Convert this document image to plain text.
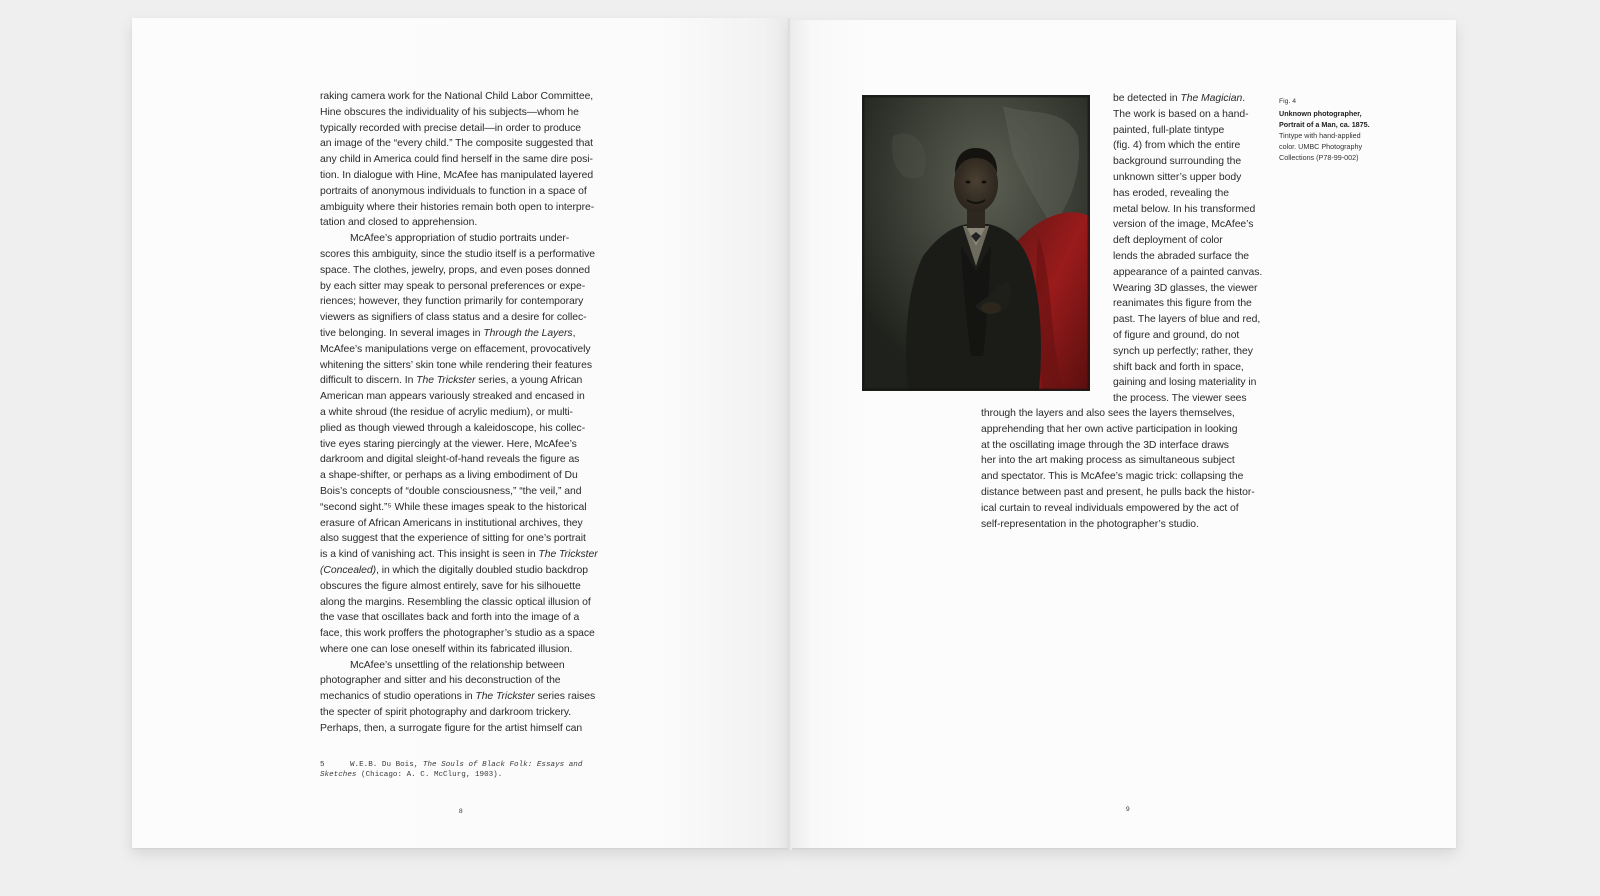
raking camera work for the National Child Labor Committee,
Hine obscures the individuality of his subjects—whom he
typically recorded with precise detail—in order to produce
an image of the “every child.” The composite suggested that
any child in America could find herself in the same dire posi-
tion. In dialogue with Hine, McAfee has manipulated layered
portraits of anonymous individuals to function in a space of
ambiguity where their histories remain both open to interpre-
tation and closed to apprehension.
McAfee’s appropriation of studio portraits under-
scores this ambiguity, since the studio itself is a performative
space. The clothes, jewelry, props, and even poses donned
by each sitter may speak to personal preferences or expe-
riences; however, they function primarily for contemporary
viewers as signifiers of class status and a desire for collec-
tive belonging. In several images in Through the Layers,
McAfee’s manipulations verge on effacement, provocatively
whitening the sitters’ skin tone while rendering their features
difficult to discern. In The Trickster series, a young African
American man appears variously streaked and encased in
a white shroud (the residue of acrylic medium), or multi-
plied as though viewed through a kaleidoscope, his collec-
tive eyes staring piercingly at the viewer. Here, McAfee’s
darkroom and digital sleight-of-hand reveals the figure as
a shape-shifter, or perhaps as a living embodiment of Du
Bois’s concepts of “double consciousness,” “the veil,” and
“second sight.”⁵ While these images speak to the historical
erasure of African Americans in institutional archives, they
also suggest that the experience of sitting for one’s portrait
is a kind of vanishing act. This insight is seen in The Trickster
(Concealed), in which the digitally doubled studio backdrop
obscures the figure almost entirely, save for his silhouette
along the margins. Resembling the classic optical illusion of
the vase that oscillates back and forth into the image of a
face, this work proffers the photographer’s studio as a space
where one can lose oneself within its fabricated illusion.
McAfee’s unsettling of the relationship between
photographer and sitter and his deconstruction of the
mechanics of studio operations in The Trickster series raises
the specter of spirit photography and darkroom trickery.
Perhaps, then, a surrogate figure for the artist himself can
5	W.E.B. Du Bois, The Souls of Black Folk: Essays and
Sketches (Chicago: A. C. McClurg, 1903).
8
be detected in The Magician.
The work is based on a hand-
painted, full-plate tintype
(fig. 4) from which the entire
background surrounding the
unknown sitter’s upper body
has eroded, revealing the
metal below. In his transformed
version of the image, McAfee’s
deft deployment of color
lends the abraded surface the
appearance of a painted canvas.
Wearing 3D glasses, the viewer
reanimates this figure from the
past. The layers of blue and red,
of figure and ground, do not
synch up perfectly; rather, they
shift back and forth in space,
gaining and losing materiality in
the process. The viewer sees
through the layers and also sees the layers themselves,
apprehending that her own active participation in looking
at the oscillating image through the 3D interface draws
her into the art making process as simultaneous subject
and spectator. This is McAfee’s magic trick: collapsing the
distance between past and present, he pulls back the histor-
ical curtain to reveal individuals empowered by the act of
self-representation in the photographer’s studio.
Fig. 4
Unknown photographer,
Portrait of a Man, ca. 1875.
Tintype with hand-applied
color. UMBC Photography
Collections (P78-99-002)
9
